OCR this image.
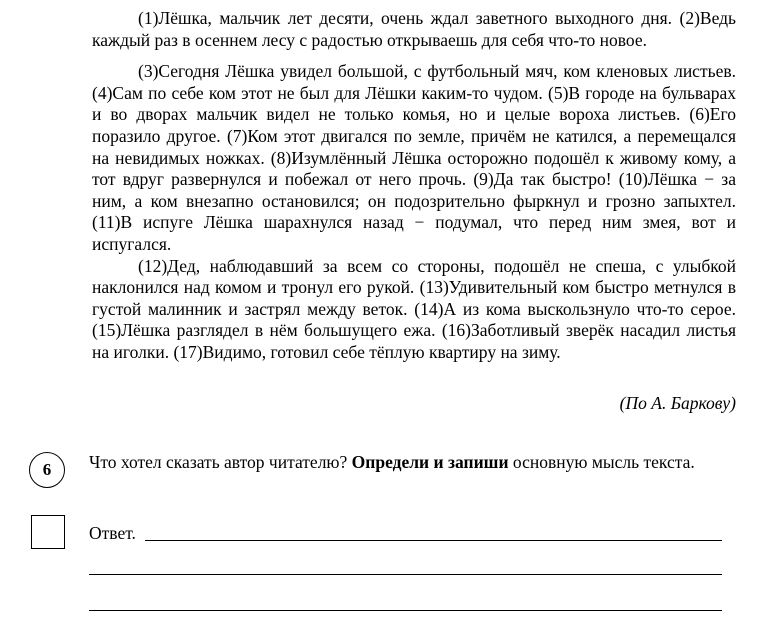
(1)Лёшка, мальчик лет десяти, очень ждал заветного выходного дня. (2)Ведь каждый раз в осеннем лесу с радостью открываешь для себя что-то новое.

(3)Сегодня Лёшка увидел большой, с футбольный мяч, ком кленовых листьев. (4)Сам по себе ком этот не был для Лёшки каким-то чудом. (5)В городе на бульварах и во дворах мальчик видел не только комья, но и целые вороха листьев. (6)Его поразило другое. (7)Ком этот двигался по земле, причём не катился, а перемещался на невидимых ножках. (8)Изумлённый Лёшка осторожно подошёл к живому кому, а тот вдруг развернулся и побежал от него прочь. (9)Да так быстро! (10)Лёшка − за ним, а ком внезапно остановился; он подозрительно фыркнул и грозно запыхтел. (11)В испуге Лёшка шарахнулся назад − подумал, что перед ним змея, вот и испугался.

(12)Дед, наблюдавший за всем со стороны, подошёл не спеша, с улыбкой наклонился над комом и тронул его рукой. (13)Удивительный ком быстро метнулся в густой малинник и застрял между веток. (14)А из кома выскользнуло что-то серое. (15)Лёшка разглядел в нём большущего ежа. (16)Заботливый зверёк насадил листья на иголки. (17)Видимо, готовил себе тёплую квартиру на зиму.

(По А. Баркову)
6 Что хотел сказать автор читателю? Определи и запиши основную мысль текста.
Ответ.
